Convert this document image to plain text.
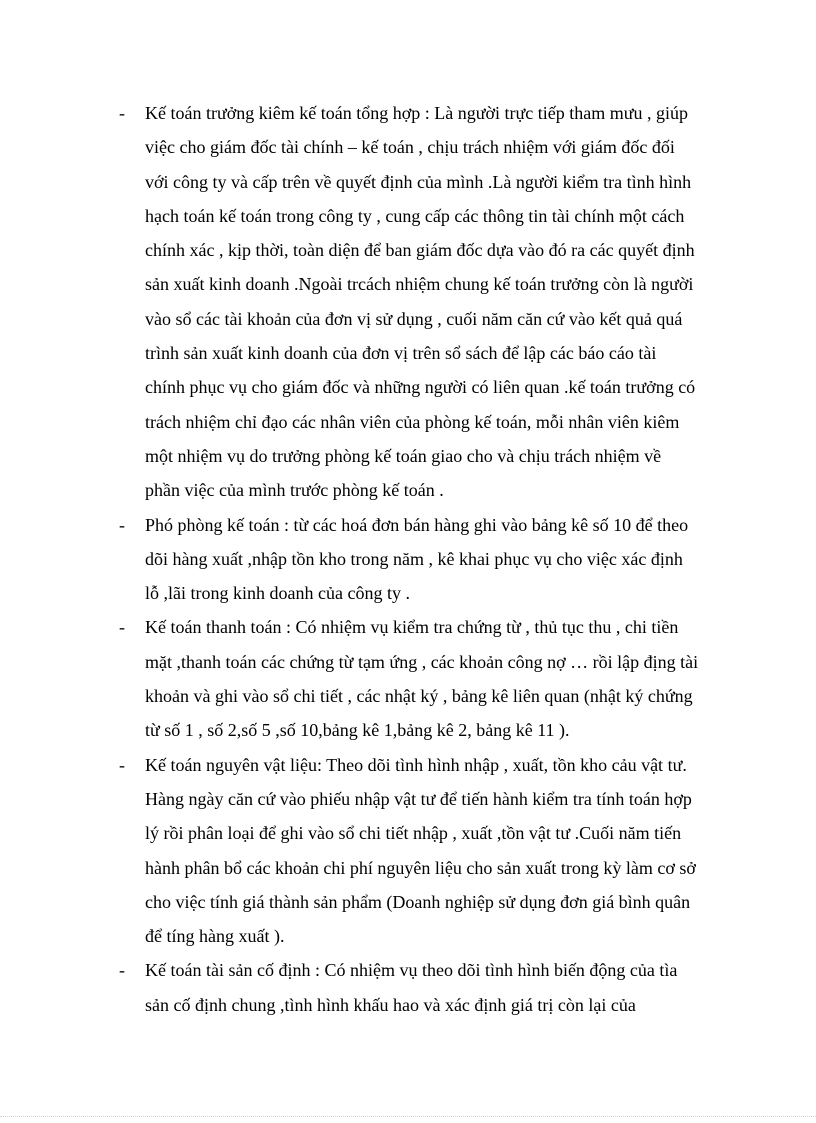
- Kế toán trưởng kiêm kế toán tổng hợp : Là người trực tiếp tham mưu , giúp

việc cho giám đốc tài chính – kế toán , chịu trách nhiệm với giám đốc đối

với công ty và cấp trên về quyết định của mình .Là người kiểm tra tình hình

hạch toán kế toán trong công ty , cung cấp các thông tin tài chính một cách

chính xác , kịp thời, toàn diện để ban giám đốc dựa vào đó ra các quyết định

sản xuất kinh doanh .Ngoài trcách nhiệm chung kế toán trưởng còn là người

vào sổ các tài khoản của đơn vị sử dụng , cuối năm căn cứ vào kết quả quá

trình sản xuất kinh doanh của đơn vị trên sổ sách để lập các báo cáo tài

chính phục vụ cho giám đốc và những người có liên quan .kế toán trưởng có

trách nhiệm chỉ đạo các nhân viên của phòng kế toán, mỗi nhân viên kiêm

một nhiệm vụ do trưởng phòng kế toán giao cho và chịu trách nhiệm về

phần việc của mình trước phòng kế toán .

- Phó phòng kế toán : từ các hoá đơn bán hàng ghi vào bảng kê số 10 để theo

dõi hàng xuất ,nhập tồn kho trong năm , kê khai phục vụ cho việc xác định

lỗ ,lãi trong kinh doanh của công ty .

- Kế toán thanh toán : Có nhiệm vụ kiểm tra chứng từ , thủ tục thu , chi tiền

mặt ,thanh toán các chứng từ tạm ứng , các khoản công nợ … rồi lập địng tài

khoản và ghi vào sổ chi tiết , các nhật ký , bảng kê liên quan (nhật ký chứng

từ số 1 , số 2,số 5 ,số 10,bảng kê 1,bảng kê 2, bảng kê 11 ).

- Kế toán nguyên vật liệu: Theo dõi tình hình nhập , xuất, tồn kho cảu vật tư.

Hàng ngày căn cứ vào phiếu nhập vật tư để tiến hành kiểm tra tính toán hợp

lý rồi phân loại để ghi vào sổ chi tiết nhập , xuất ,tồn vật tư .Cuối năm tiến

hành phân bổ các khoản chi phí nguyên liệu cho sản xuất trong kỳ làm cơ sở

cho việc tính giá thành sản phẩm (Doanh nghiệp sử dụng đơn giá bình quân

để tíng hàng xuất ).

- Kế toán tài sản cố định : Có nhiệm vụ theo dõi tình hình biến động của tìa

sản cố định chung ,tình hình khấu hao và xác định giá trị còn lại của
